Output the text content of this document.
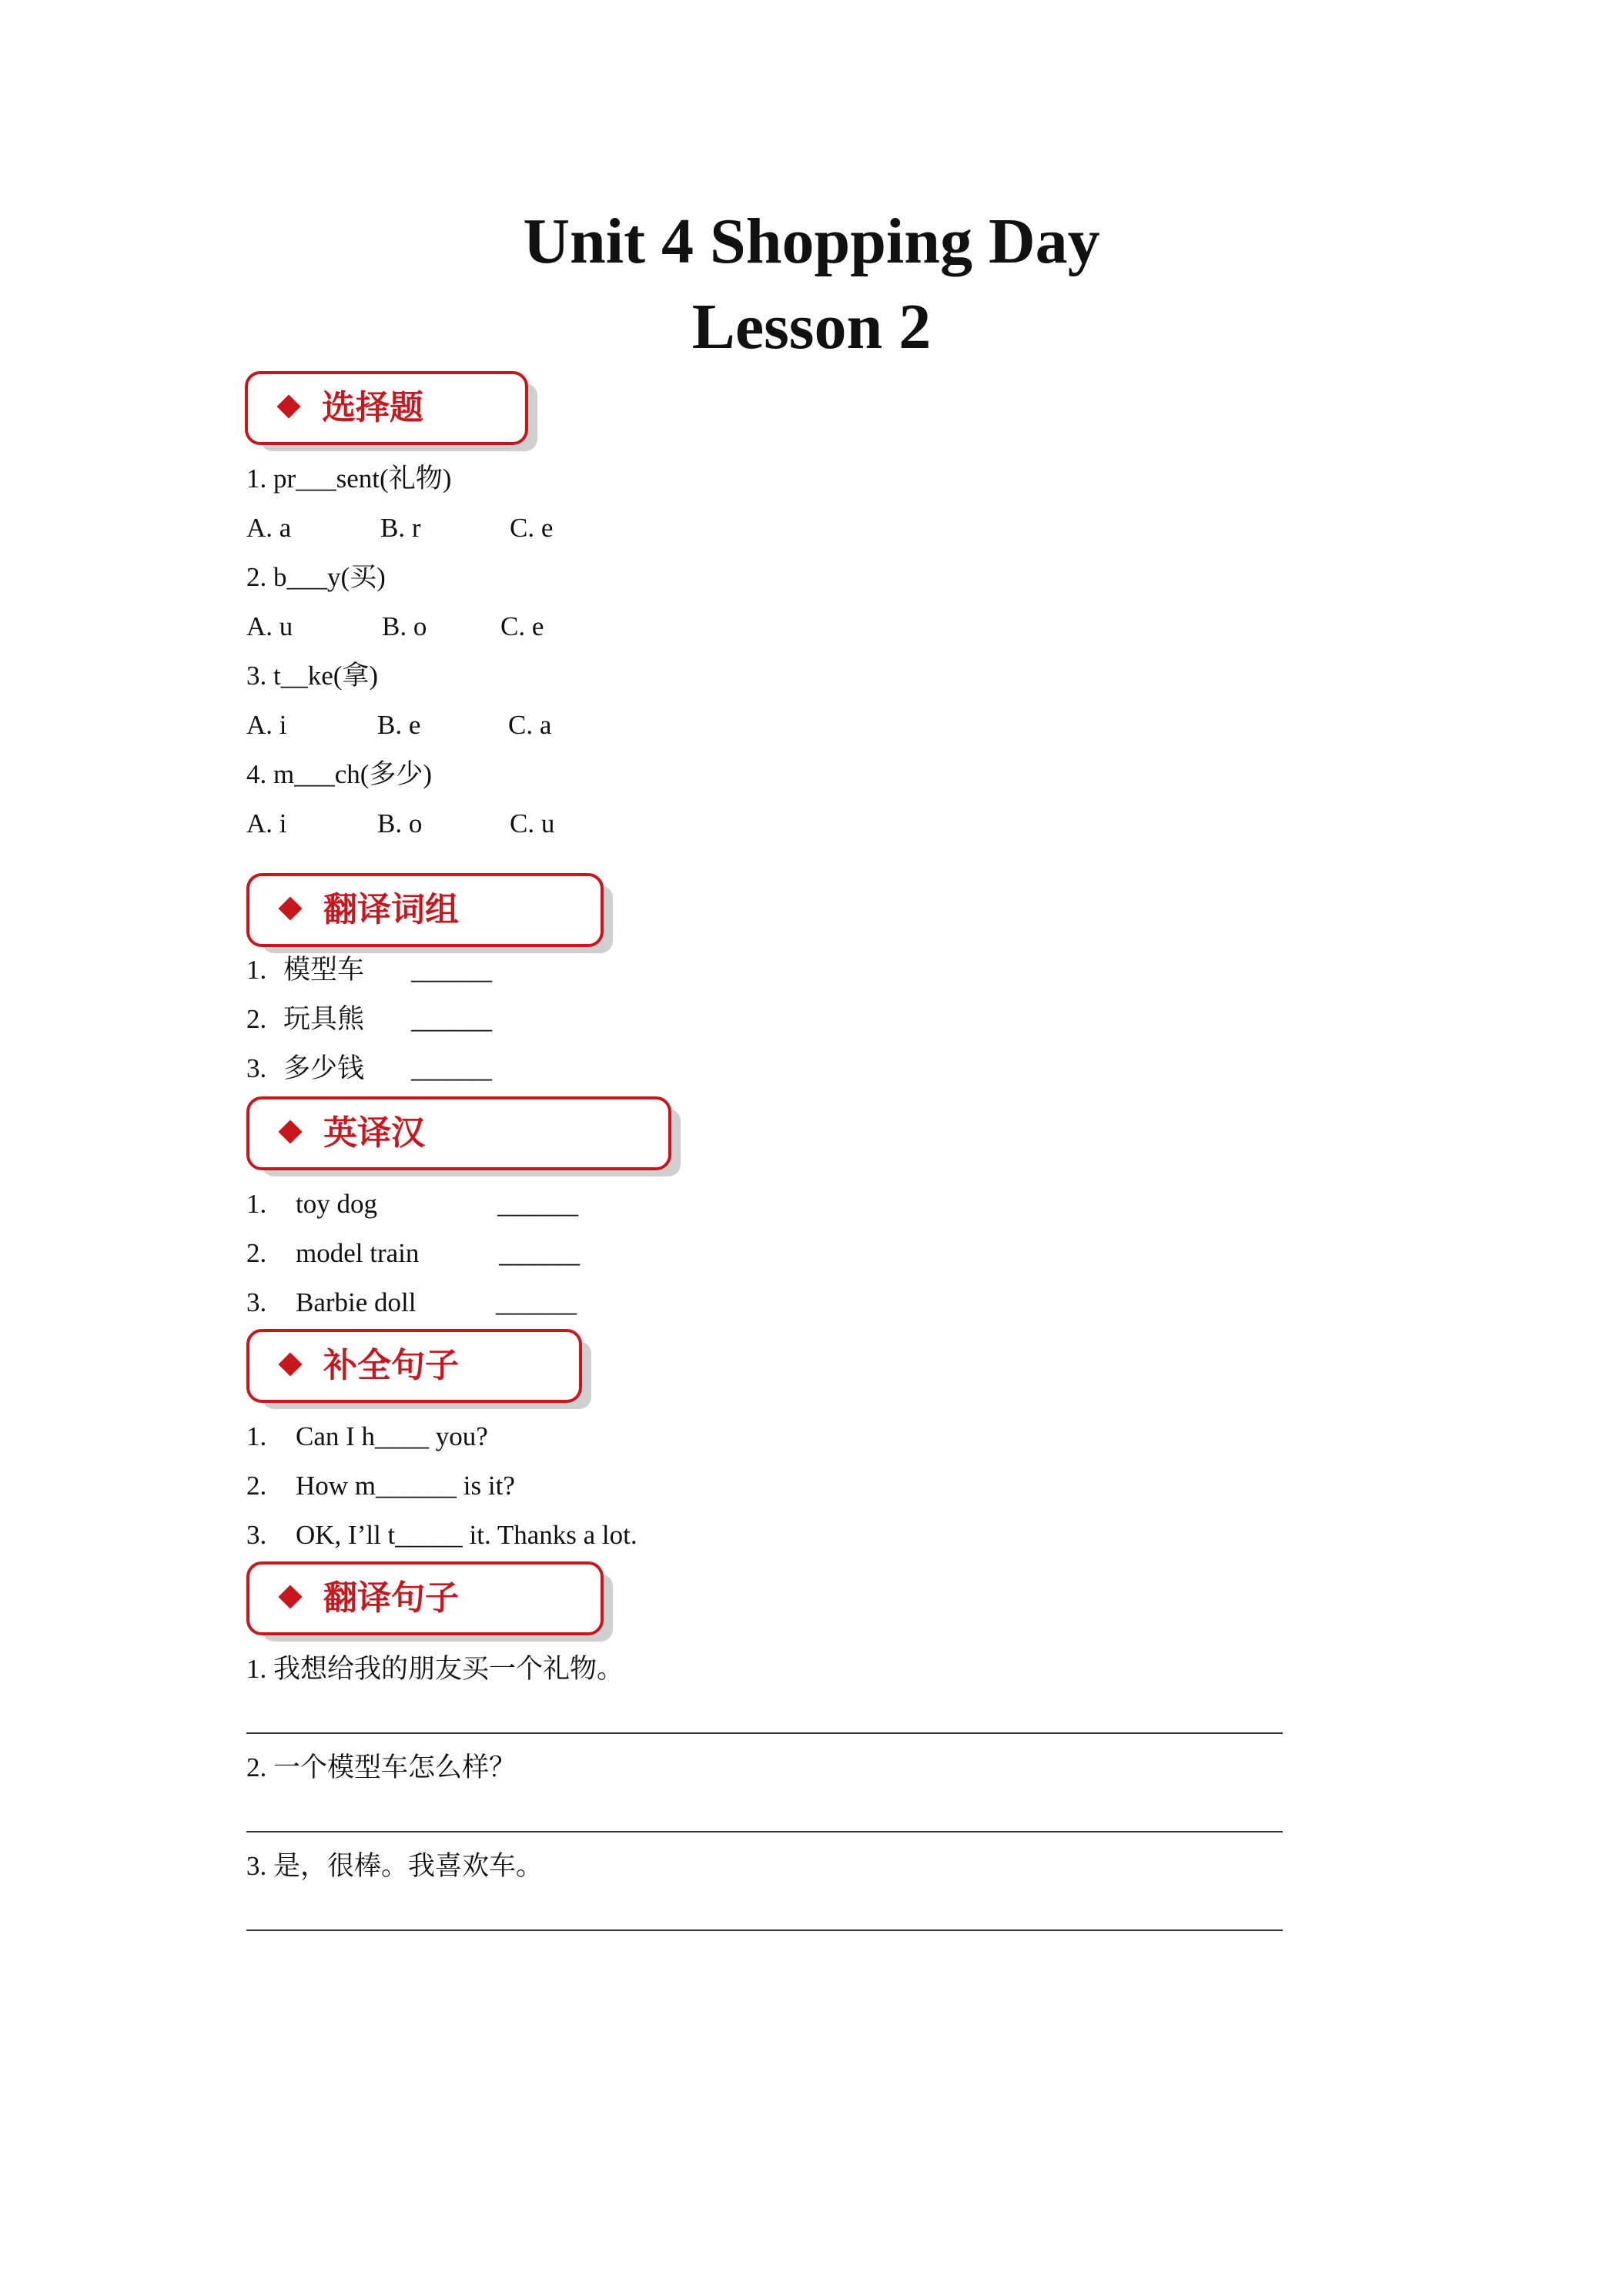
Unit 4 Shopping Day
Lesson 2
选择题
1. pr___sent(礼物)
A. a	B. r	C. e
2. b___y(买)
A. u	B. o	C. e
3. t__ke(拿)
A. i	B. e	C. a
4. m___ch(多少)
A. i	B. o	C. u
翻译词组
1. 模型车 ______
2. 玩具熊 ______
3. 多少钱 ______
英译汉
1. toy dog	______
2. model train	______
3. Barbie doll	______
补全句子
1. Can I h____ you?
2. How m______ is it?
3. OK, I’ll t_____ it. Thanks a lot.
翻译句子
1. 我想给我的朋友买一个礼物。
2. 一个模型车怎么样？
3. 是，很棒。我喜欢车。
